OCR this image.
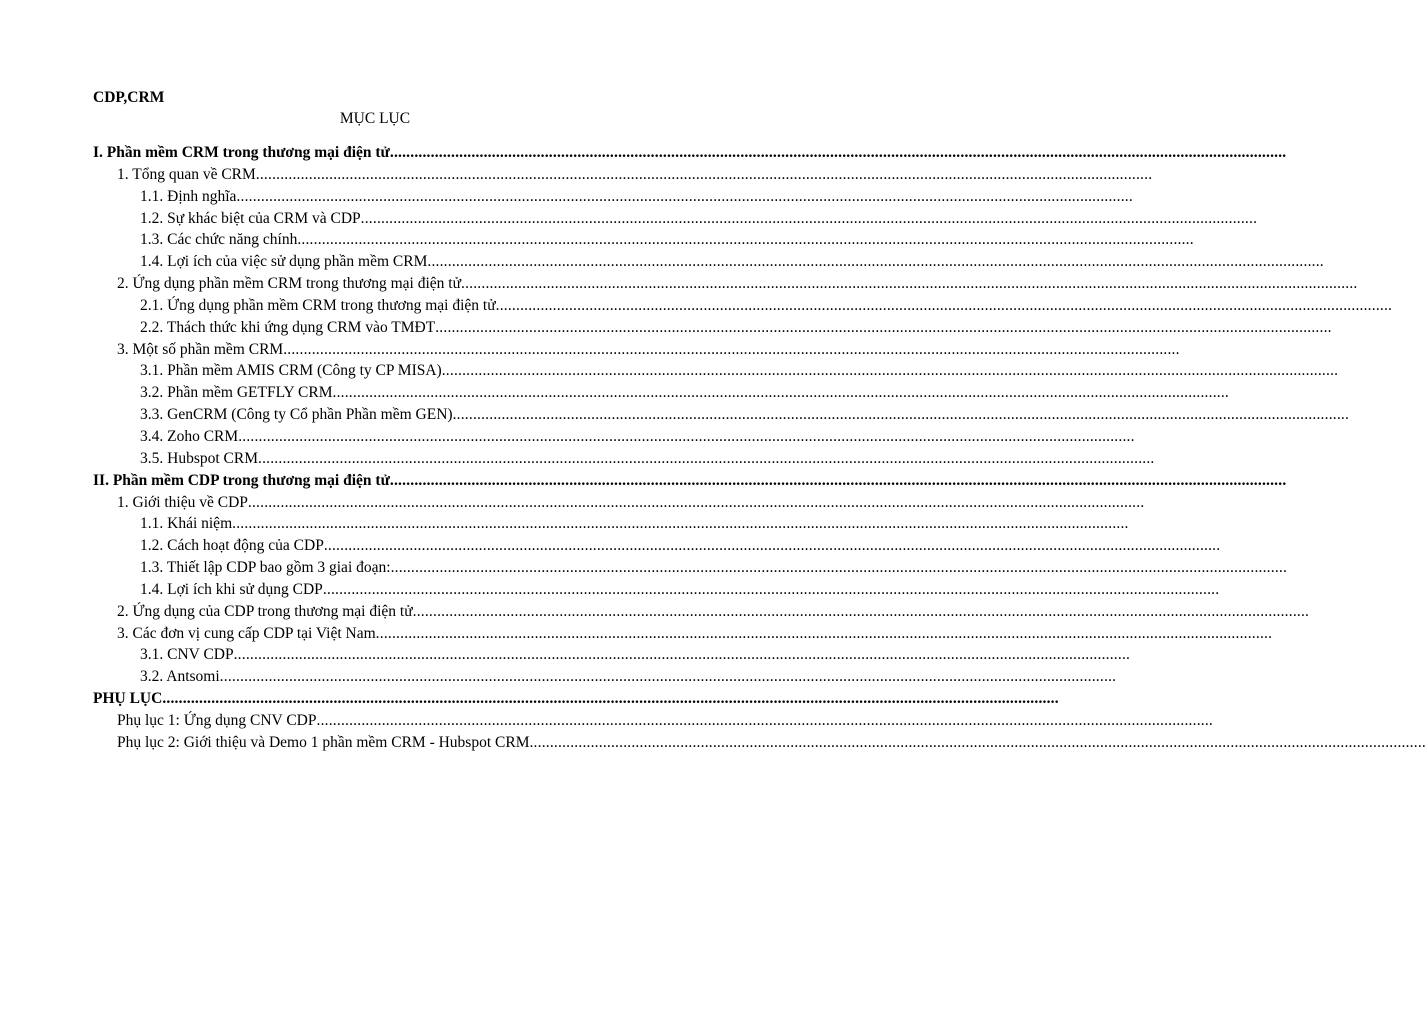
CDP,CRM
MỤC LỤC
I. Phần mềm CRM trong thương mại điện tử............................................................................................................................................................................................................................
1. Tổng quan về CRM............................................................................................................................................................................................................................
1.1. Định nghĩa............................................................................................................................................................................................................................
1.2. Sự khác biệt của CRM và CDP............................................................................................................................................................................................................................
1.3. Các chức năng chính............................................................................................................................................................................................................................
1.4. Lợi ích của việc sử dụng phần mềm CRM............................................................................................................................................................................................................................
2. Ứng dụng phần mềm CRM trong thương mại điện tử............................................................................................................................................................................................................................
2.1. Ứng dụng phần mềm CRM trong thương mại điện tử............................................................................................................................................................................................................................
2.2. Thách thức khi ứng dụng CRM vào TMĐT............................................................................................................................................................................................................................
3. Một số phần mềm CRM............................................................................................................................................................................................................................
3.1. Phần mềm AMIS CRM (Công ty CP MISA)............................................................................................................................................................................................................................
3.2. Phần mềm GETFLY CRM............................................................................................................................................................................................................................
3.3. GenCRM (Công ty Cổ phần Phần mềm GEN)............................................................................................................................................................................................................................
3.4. Zoho CRM............................................................................................................................................................................................................................
3.5. Hubspot CRM............................................................................................................................................................................................................................
II. Phần mềm CDP trong thương mại điện tử............................................................................................................................................................................................................................
1. Giới thiệu về CDP............................................................................................................................................................................................................................
1.1. Khái niệm............................................................................................................................................................................................................................
1.2. Cách hoạt động của CDP............................................................................................................................................................................................................................
1.3. Thiết lập CDP bao gồm 3 giai đoạn:............................................................................................................................................................................................................................
1.4. Lợi ích khi sử dụng CDP............................................................................................................................................................................................................................
2. Ứng dụng của CDP trong thương mại điện tử............................................................................................................................................................................................................................
3. Các đơn vị cung cấp CDP tại Việt Nam............................................................................................................................................................................................................................
3.1. CNV CDP............................................................................................................................................................................................................................
3.2. Antsomi............................................................................................................................................................................................................................
PHỤ LỤC............................................................................................................................................................................................................................
Phụ lục 1: Ứng dụng CNV CDP............................................................................................................................................................................................................................
Phụ lục 2: Giới thiệu và Demo 1 phần mềm CRM - Hubspot CRM............................................................................................................................................................................................................................
